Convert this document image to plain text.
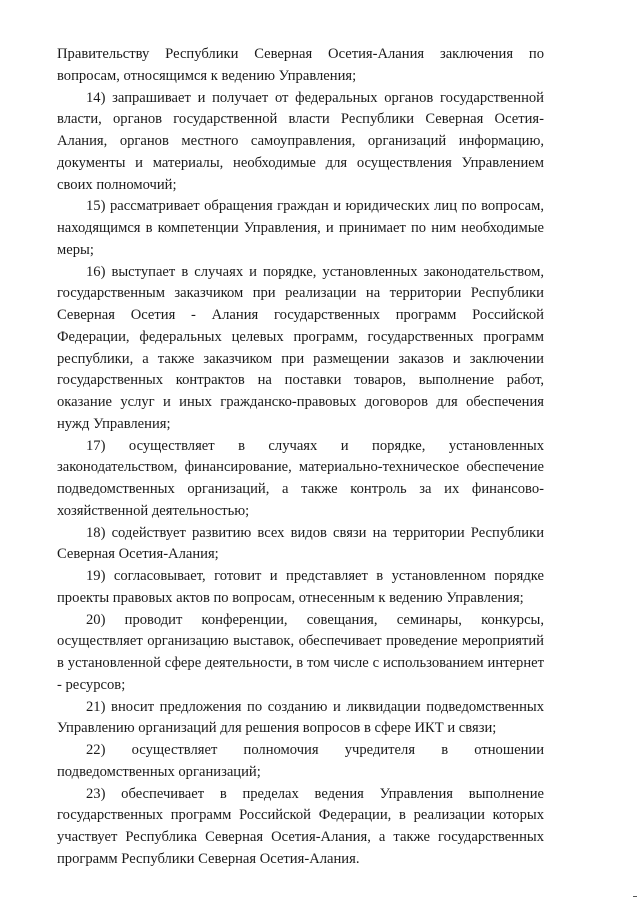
Правительству Республики Северная Осетия-Алания заключения по вопросам, относящимся к ведению Управления;

14) запрашивает и получает от федеральных органов государственной власти, органов государственной власти Республики Северная Осетия-Алания, органов местного самоуправления, организаций информацию, документы и материалы, необходимые для осуществления Управлением своих полномочий;

15) рассматривает обращения граждан и юридических лиц по вопросам, находящимся в компетенции Управления, и принимает по ним необходимые меры;

16) выступает в случаях и порядке, установленных законодательством, государственным заказчиком при реализации на территории Республики Северная Осетия - Алания государственных программ Российской Федерации, федеральных целевых программ, государственных программ республики, а также заказчиком при размещении заказов и заключении государственных контрактов на поставки товаров, выполнение работ, оказание услуг и иных гражданско-правовых договоров для обеспечения нужд Управления;

17) осуществляет в случаях и порядке, установленных законодательством, финансирование, материально-техническое обеспечение подведомственных организаций, а также контроль за их финансово-хозяйственной деятельностью;

18) содействует развитию всех видов связи на территории Республики Северная Осетия-Алания;

19) согласовывает, готовит и представляет в установленном порядке проекты правовых актов по вопросам, отнесенным к ведению Управления;

20) проводит конференции, совещания, семинары, конкурсы, осуществляет организацию выставок, обеспечивает проведение мероприятий в установленной сфере деятельности, в том числе с использованием интернет - ресурсов;

21) вносит предложения по созданию и ликвидации подведомственных Управлению организаций для решения вопросов в сфере ИКТ и связи;

22) осуществляет полномочия учредителя в отношении подведомственных организаций;

23) обеспечивает в пределах ведения Управления выполнение государственных программ Российской Федерации, в реализации которых участвует Республика Северная Осетия-Алания, а также государственных программ Республики Северная Осетия-Алания.
